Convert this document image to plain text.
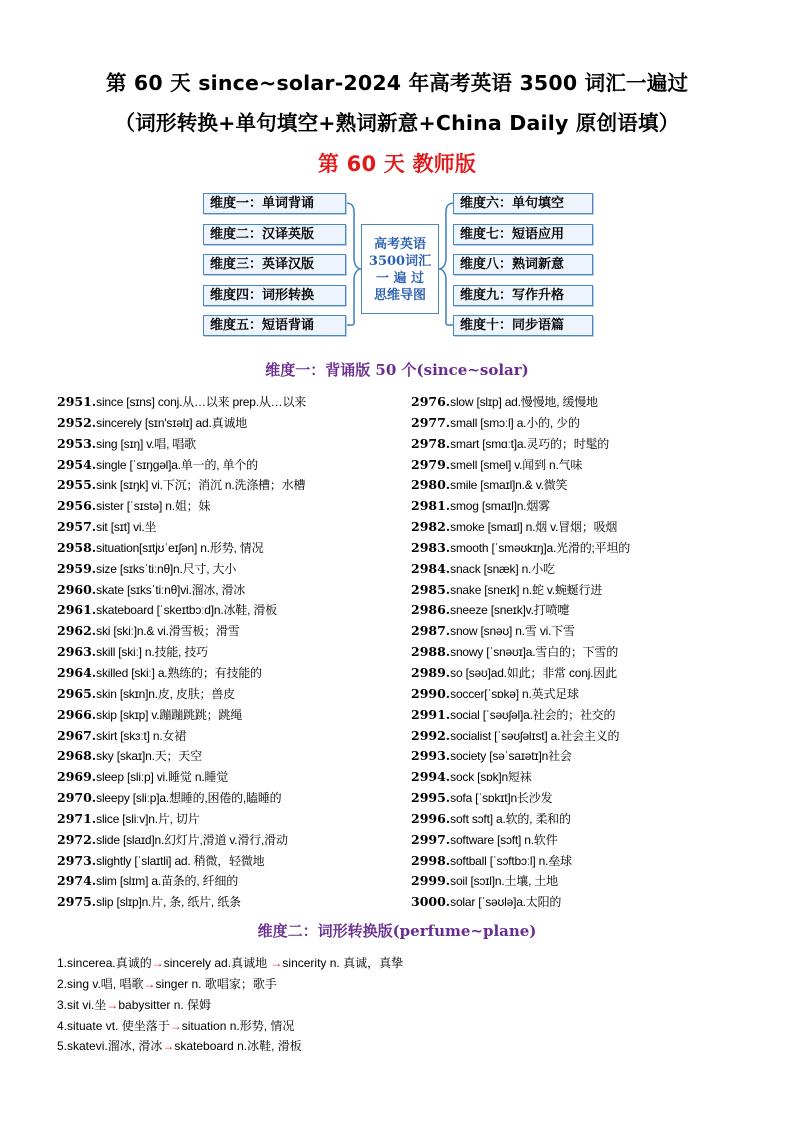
第 60 天 since~solar-2024 年高考英语 3500 词汇一遍过
（词形转换+单句填空+熟词新意+China Daily 原创语填）
第 60 天 教师版
维度一：单词背诵
维度二：汉译英版
维度三：英译汉版
维度四：词形转换
维度五：短语背诵
维度六：单句填空
维度七：短语应用
维度八：熟词新意
维度九：写作升格
维度十：同步语篇
高考英语
3500词汇
一 遍 过
思维导图
维度一：背诵版 50 个(since~solar)
2951.since [sɪns] conj.从…以来 prep.从…以来
2952.sincerely [sɪn'sɪəlɪ] ad.真诚地
2953.sing [sɪŋ] v.唱, 唱歌
2954.single [ˈsɪŋɡəl]a.单一的, 单个的
2955.sink [sɪŋk] vi.下沉；消沉 n.洗涤槽；水槽
2956.sister [ˈsɪstə] n.姐；妹
2957.sit [sɪt] vi.坐
2958.situation[sɪtjʊˈeɪʃən] n.形势, 情况
2959.size [sɪksˈtiːnθ]n.尺寸, 大小
2960.skate [sɪksˈtiːnθ]vi.溜冰, 滑冰
2961.skateboard [ˈskeɪtbɔːd]n.冰鞋, 滑板
2962.ski [skiː]n.& vi.滑雪板；滑雪
2963.skill [skiː] n.技能, 技巧
2964.skilled [skiː] a.熟练的；有技能的
2965.skin [skɪn]n.皮, 皮肤；兽皮
2966.skip [skɪp] v.蹦蹦跳跳；跳绳
2967.skirt [skɜːt] n.女裙
2968.sky [skaɪ]n.天；天空
2969.sleep [sliːp] vi.睡觉 n.睡觉
2970.sleepy [sliːp]a.想睡的,困倦的,瞌睡的
2971.slice [sliːv]n.片, 切片
2972.slide [slaɪd]n.幻灯片,滑道 v.滑行,滑动
2973.slightly [ˈslaɪtli] ad. 稍微，轻微地
2974.slim [slɪm] a.苗条的, 纤细的
2975.slip [slɪp]n.片, 条, 纸片, 纸条
2976.slow [slɪp] ad.慢慢地, 缓慢地
2977.small [smɔːl] a.小的, 少的
2978.smart [smɑːt]a.灵巧的；时髦的
2979.smell [smel] v.闻到 n.气味
2980.smile [smaɪl]n.& v.微笑
2981.smog [smaɪl]n.烟雾
2982.smoke [smaɪl] n.烟 v.冒烟；吸烟
2983.smooth [ˈsməʊkɪŋ]a.光滑的;平坦的
2984.snack [snæk] n.小吃
2985.snake [sneɪk] n.蛇 v.蜿蜒行进
2986.sneeze [sneɪk]v.打喷嚏
2987.snow [snəʊ] n.雪 vi.下雪
2988.snowy [ˈsnəʊɪ]a.雪白的；下雪的
2989.so [səʊ]ad.如此；非常 conj.因此
2990.soccer[ˈsɒkə] n.英式足球
2991.social [ˈsəʊʃəl]a.社会的；社交的
2992.socialist [ˈsəʊʃəlɪst] a.社会主义的
2993.society [səˈsaɪətɪ]n社会
2994.sock [sɒk]n短袜
2995.sofa [ˈsɒkɪt]n长沙发
2996.soft sɔft] a.软的, 柔和的
2997.software [sɔft] n.软件
2998.softball [ˈsɔftbɔːl] n.垒球
2999.soil [sɔɪl]n.土壤, 土地
3000.solar [ˈsəʊlə]a.太阳的
维度二：词形转换版(perfume~plane)
1.sincerea.真诚的→sincerely ad.真诚地 →sincerity n. 真诚，真挚
2.sing v.唱, 唱歌→singer n. 歌唱家；歌手
3.sit vi.坐→babysitter n. 保姆
4.situate vt. 使坐落于→situation n.形势, 情况
5.skatevi.溜冰, 滑冰→skateboard n.冰鞋, 滑板
